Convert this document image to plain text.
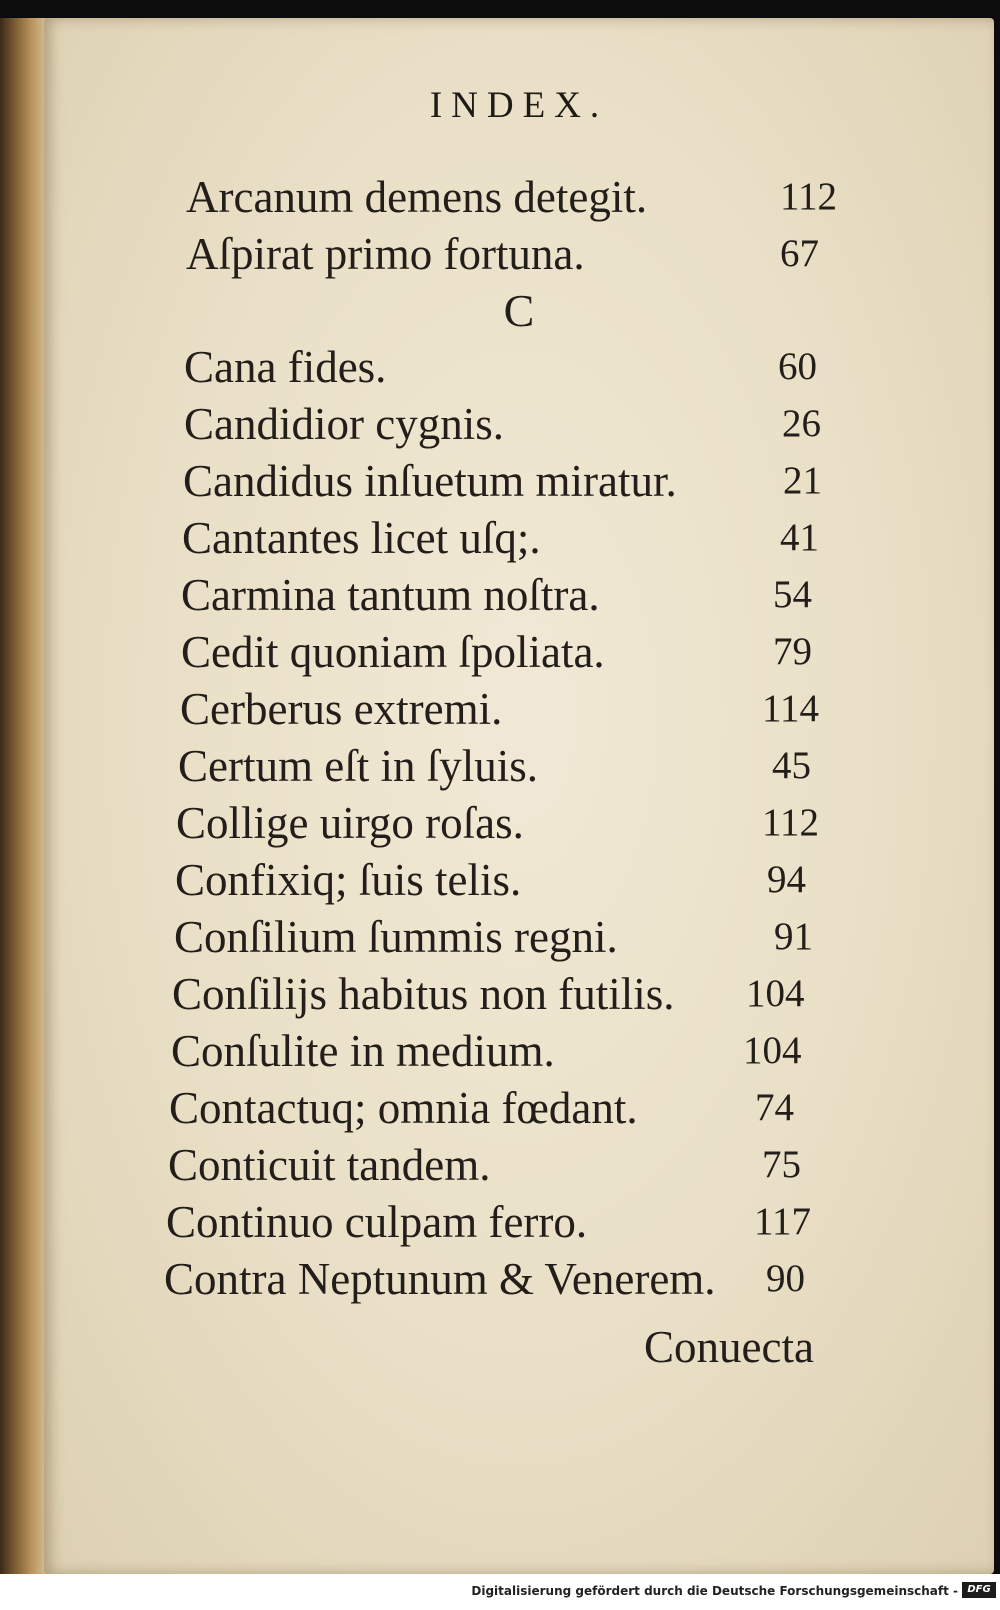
INDEX.
Arcanum demens detegit.	112
Aſpirat primo fortuna.	67
C
Cana fides.	60
Candidior cygnis.	26
Candidus inſuetum miratur.	21
Cantantes licet uſq;.	41
Carmina tantum noſtra.	54
Cedit quoniam ſpoliata.	79
Cerberus extremi.	114
Certum eſt in ſyluis.	45
Collige uirgo roſas.	112
Confixiq; ſuis telis.	94
Conſilium ſummis regni.	91
Conſilijs habitus non futilis. 104
Conſulite in medium.	104
Contactuq; omnia fœdant.	74
Conticuit tandem.	75
Continuo culpam ferro.	117
Contra Neptunum & Venerem. 90
Conuecta
Digitalisierung gefördert durch die Deutsche Forschungsgemeinschaft - DFG
